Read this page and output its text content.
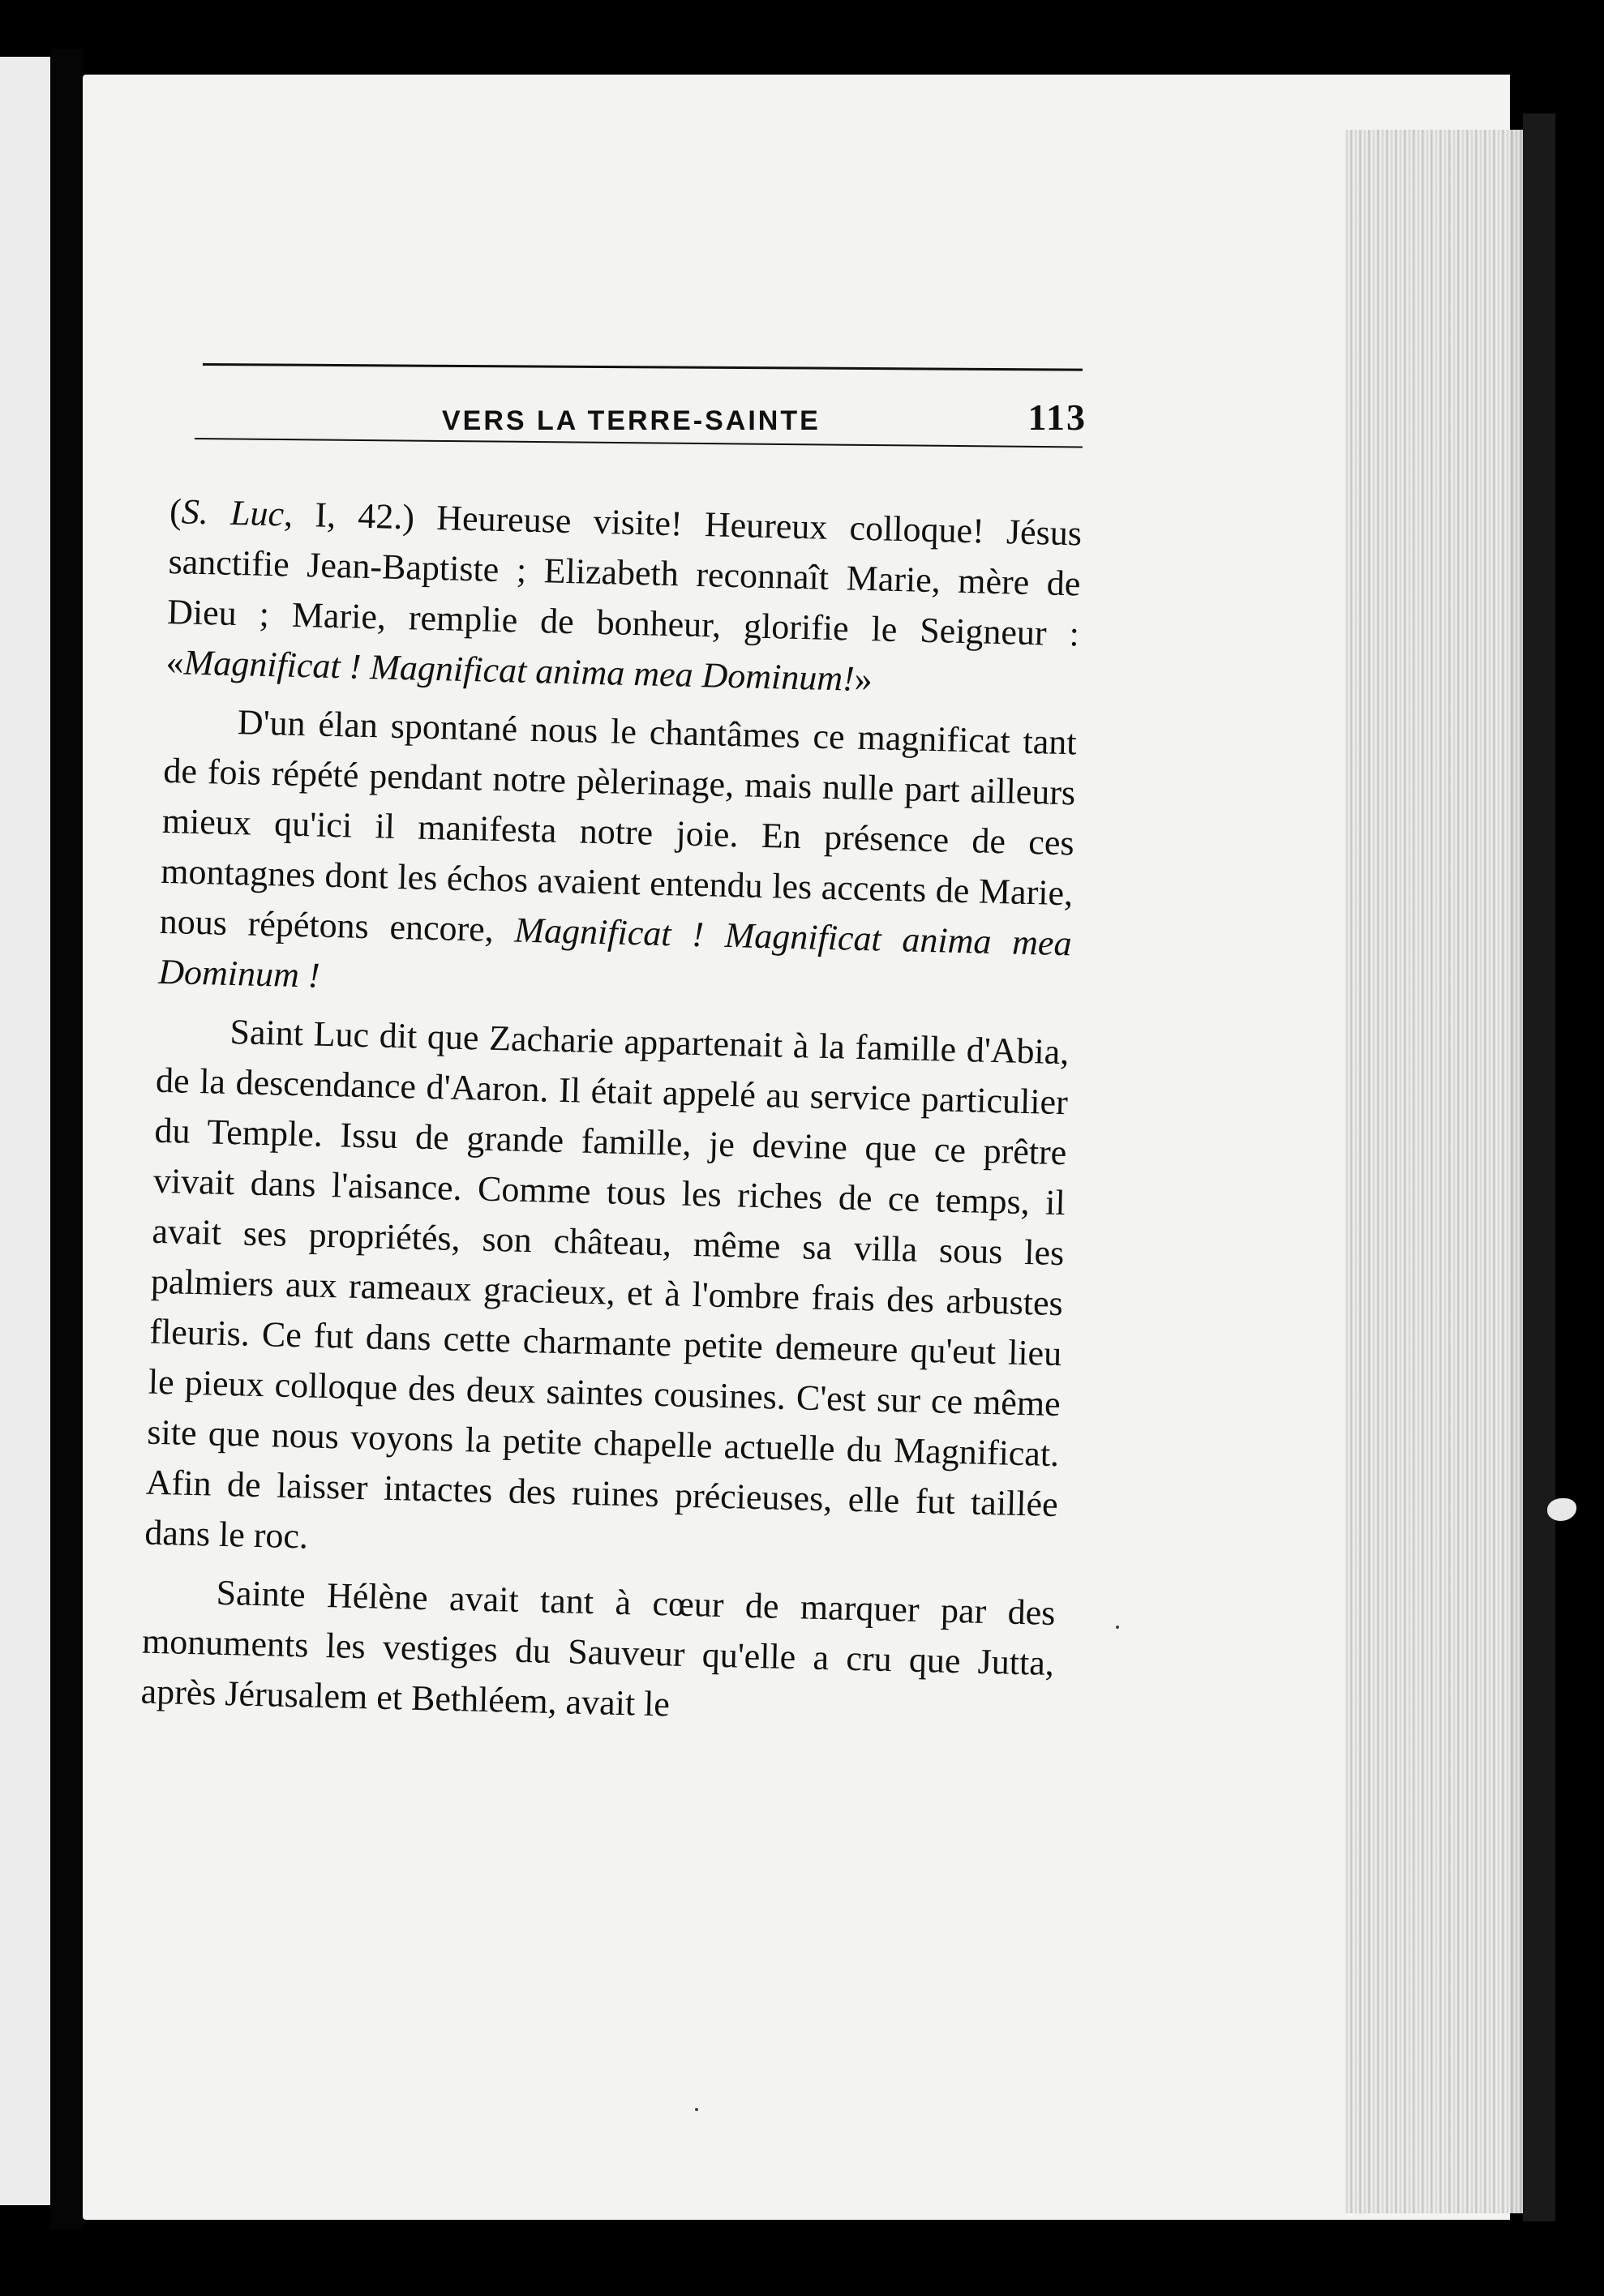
VERS LA TERRE-SAINTE	113

(S. Luc, I, 42.) Heureuse visite! Heureux colloque! Jésus sanctifie Jean-Baptiste ; Elizabeth reconnaît Marie, mère de Dieu ; Marie, remplie de bonheur, glorifie le Seigneur : «Magnificat ! Magnificat anima mea Dominum!»

D'un élan spontané nous le chantâmes ce magnificat tant de fois répété pendant notre pèlerinage, mais nulle part ailleurs mieux qu'ici il manifesta notre joie. En présence de ces montagnes dont les échos avaient entendu les accents de Marie, nous répétons encore, Magnificat ! Magnificat anima mea Dominum !

Saint Luc dit que Zacharie appartenait à la famille d'Abia, de la descendance d'Aaron. Il était appelé au service particulier du Temple. Issu de grande famille, je devine que ce prêtre vivait dans l'aisance. Comme tous les riches de ce temps, il avait ses propriétés, son château, même sa villa sous les palmiers aux rameaux gracieux, et à l'ombre frais des arbustes fleuris. Ce fut dans cette charmante petite demeure qu'eut lieu le pieux colloque des deux saintes cousines. C'est sur ce même site que nous voyons la petite chapelle actuelle du Magnificat. Afin de laisser intactes des ruines précieuses, elle fut taillée dans le roc.

Sainte Hélène avait tant à cœur de marquer par des monuments les vestiges du Sauveur qu'elle a cru que Jutta, après Jérusalem et Bethléem, avait le
